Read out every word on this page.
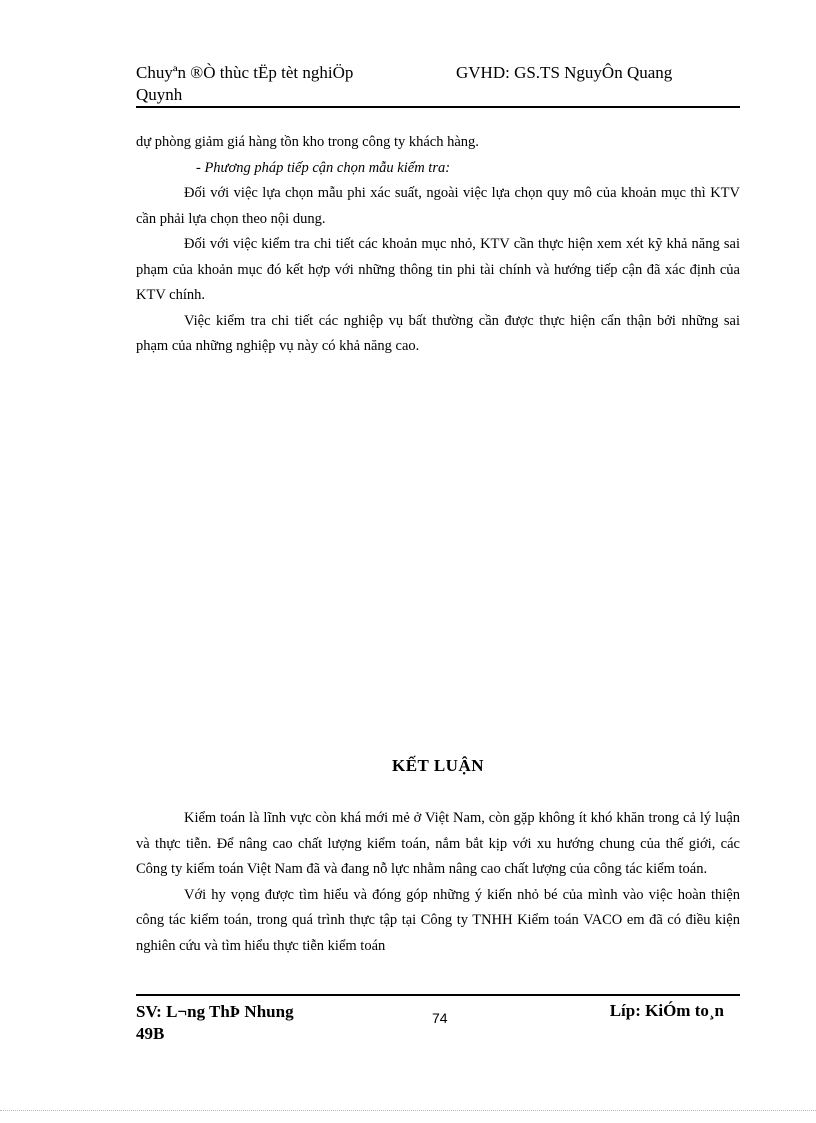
Chuyªn ®Ò thùc tËp tèt nghiÖp
Quynh
GVHD: GS.TS NguyÔn Quang

dự phòng giảm giá hàng tồn kho trong công ty khách hàng.

- Phương pháp tiếp cận chọn mẫu kiểm tra:

Đối với việc lựa chọn mẫu phi xác suất, ngoài việc lựa chọn quy mô của khoản mục thì KTV cần phải lựa chọn theo nội dung.

Đối với việc kiểm tra chi tiết các khoản mục nhỏ, KTV cần thực hiện xem xét kỹ khả năng sai phạm của khoản mục đó kết hợp với những thông tin phi tài chính và hướng tiếp cận đã xác định của KTV chính.

Việc kiểm tra chi tiết các nghiệp vụ bất thường cần được thực hiện cẩn thận bởi những sai phạm của những nghiệp vụ này có khả năng cao.

KẾT LUẬN

Kiểm toán là lĩnh vực còn khá mới mẻ ở Việt Nam, còn gặp không ít khó khăn trong cả lý luận và thực tiễn. Để nâng cao chất lượng kiểm toán, nắm bắt kịp với xu hướng chung của thế giới, các Công ty kiểm toán Việt Nam đã và đang nỗ lực nhằm nâng cao chất lượng của công tác kiểm toán.

Với hy vọng được tìm hiểu và đóng góp những ý kiến nhỏ bé của mình vào việc hoàn thiện công tác kiểm toán, trong quá trình thực tập tại Công ty TNHH Kiểm toán VACO em đã có điều kiện nghiên cứu và tìm hiểu thực tiễn kiểm toán

SV: L¬ng ThÞ Nhung
49B
74	Líp: KiÓm to¸n
